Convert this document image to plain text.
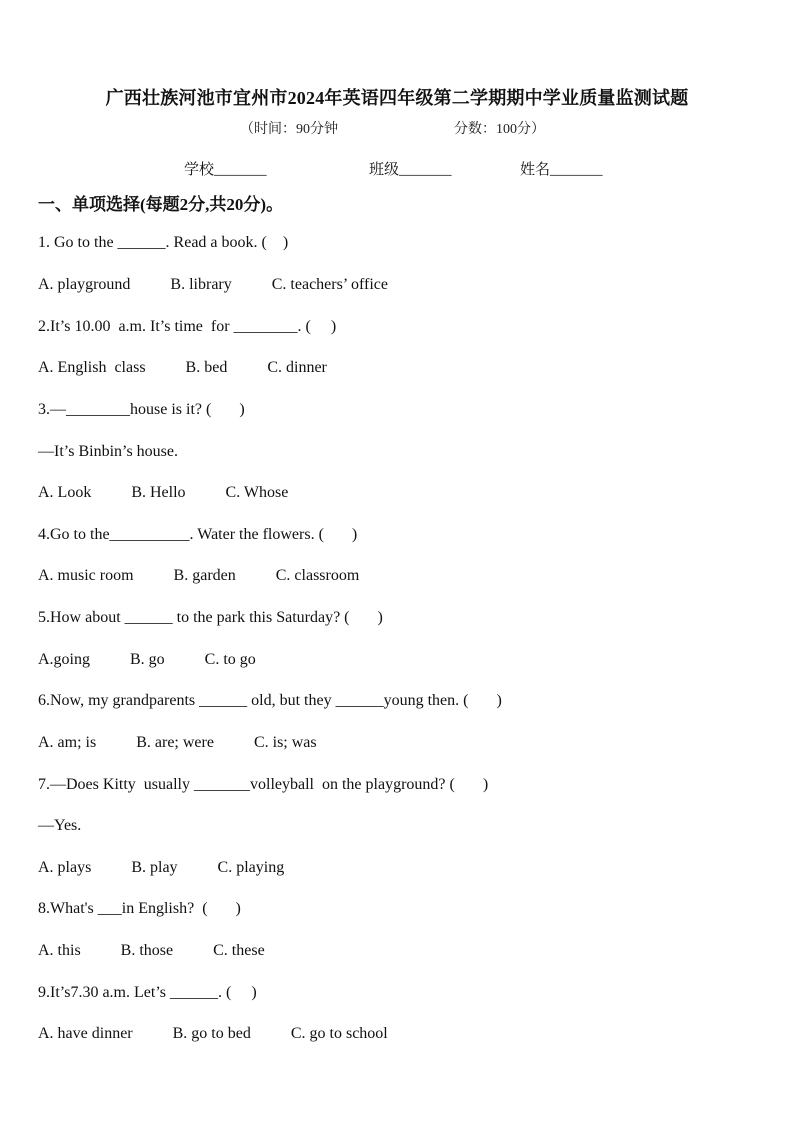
广西壮族河池市宜州市2024年英语四年级第二学期期中学业质量监测试题
（时间：90分钟	分数：100分）
学校_______	班级_______	姓名_______
一、单项选择(每题2分,共20分)。
1. Go to the ______. Read a book. (    )
A. playground          B. library          C. teachers’ office
2.It’s 10.00  a.m. It’s time  for ________. (     )
A. English  class          B. bed          C. dinner
3.—________house is it? (       )
—It’s Binbin’s house.
A. Look          B. Hello          C. Whose
4.Go to the__________. Water the flowers. (       )
A. music room          B. garden          C. classroom
5.How about ______ to the park this Saturday? (       )
A.going          B. go          C. to go
6.Now, my grandparents ______ old, but they ______young then. (       )
A. am; is          B. are; were          C. is; was
7.—Does Kitty  usually _______volleyball  on the playground? (       )
—Yes.
A. plays          B. play          C. playing
8.What's ___in English?  (       )
A. this          B. those          C. these
9.It’s7.30 a.m. Let’s ______. (     )
A. have dinner          B. go to bed          C. go to school
